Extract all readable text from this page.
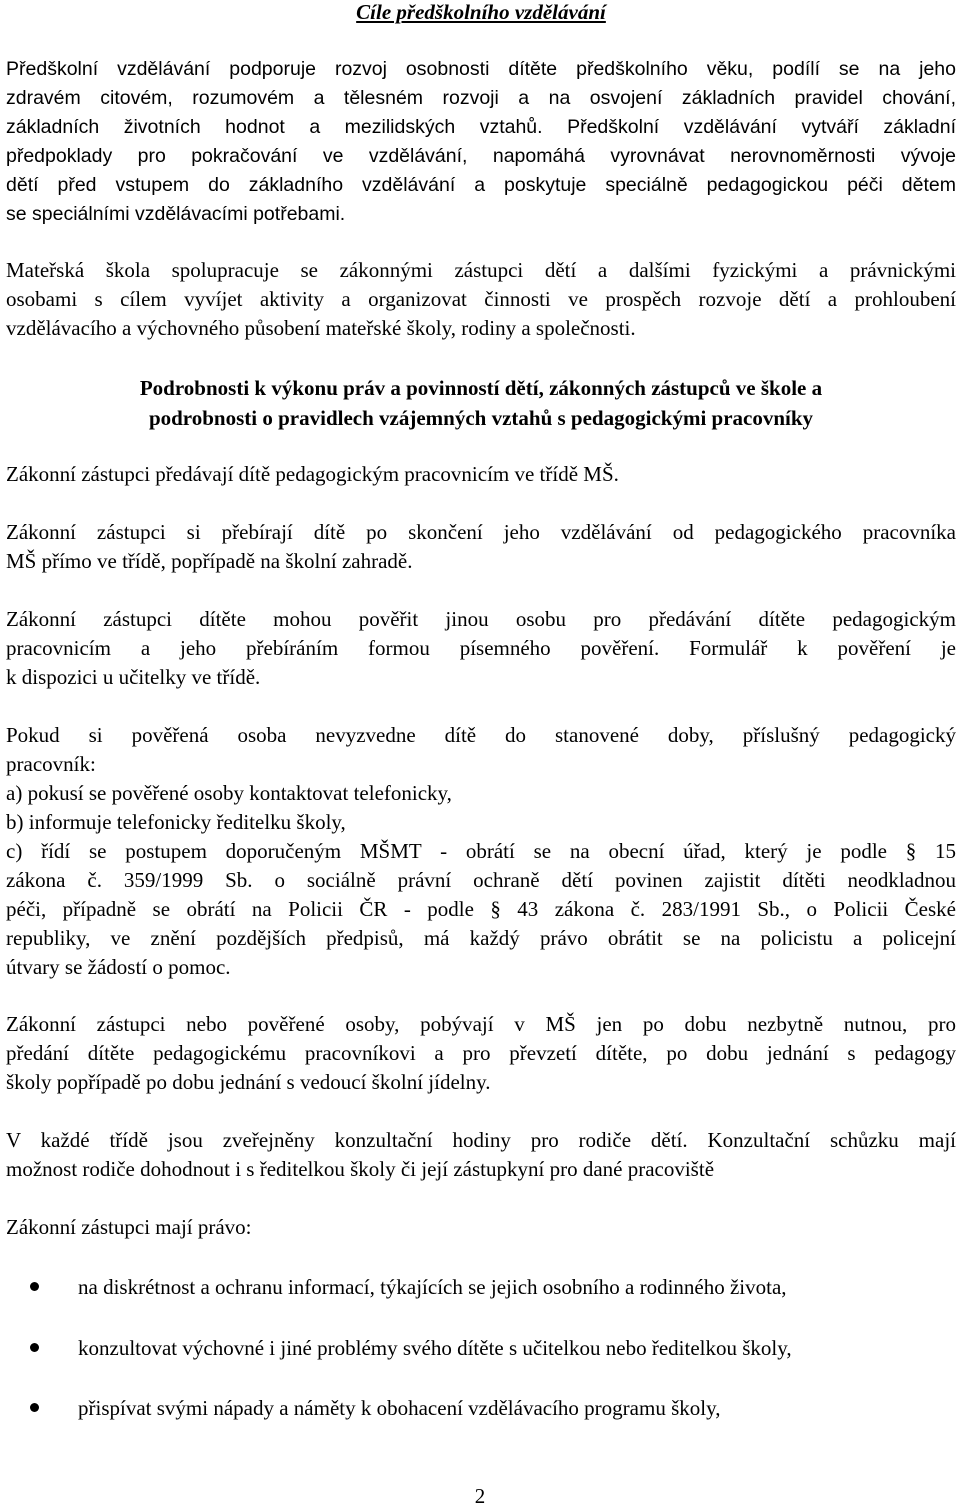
Cíle předškolního vzdělávání
Předškolní vzdělávání podporuje rozvoj osobnosti dítěte předškolního věku, podílí se na jeho
zdravém citovém, rozumovém a tělesném rozvoji a na osvojení základních pravidel chování,
základních životních hodnot a mezilidských vztahů. Předškolní vzdělávání vytváří základní
předpoklady pro pokračování ve vzdělávání, napomáhá vyrovnávat nerovnoměrnosti vývoje
dětí před vstupem do základního vzdělávání a poskytuje speciálně pedagogickou péči dětem
se speciálními vzdělávacími potřebami.
Mateřská škola spolupracuje se zákonnými zástupci dětí a dalšími fyzickými a právnickými
osobami s cílem vyvíjet aktivity a organizovat činnosti ve prospěch rozvoje dětí a prohloubení
vzdělávacího a výchovného působení mateřské školy, rodiny a společnosti.
Podrobnosti k výkonu práv a povinností dětí, zákonných zástupců ve škole a
podrobnosti o pravidlech vzájemných vztahů s pedagogickými pracovníky
Zákonní zástupci předávají dítě pedagogickým pracovnicím ve třídě MŠ.
Zákonní zástupci si přebírají dítě po skončení jeho vzdělávání od pedagogického pracovníka
MŠ přímo ve třídě, popřípadě na školní zahradě.
Zákonní zástupci dítěte mohou pověřit jinou osobu pro předávání dítěte pedagogickým
pracovnicím a jeho přebíráním formou písemného pověření. Formulář k pověření je
k dispozici u učitelky ve třídě.
Pokud si pověřená osoba nevyzvedne dítě do stanovené doby, příslušný pedagogický
pracovník:
a) pokusí se pověřené osoby kontaktovat telefonicky,
b) informuje telefonicky ředitelku školy,
c) řídí se postupem doporučeným MŠMT - obrátí se na obecní úřad, který je podle § 15
zákona č. 359/1999 Sb. o sociálně právní ochraně dětí povinen zajistit dítěti neodkladnou
péči, případně se obrátí na Policii ČR - podle § 43 zákona č. 283/1991 Sb., o Policii České
republiky, ve znění pozdějších předpisů, má každý právo obrátit se na policistu a policejní
útvary se žádostí o pomoc.
Zákonní zástupci nebo pověřené osoby, pobývají v MŠ jen po dobu nezbytně nutnou, pro
předání dítěte pedagogickému pracovníkovi a pro převzetí dítěte, po dobu jednání s pedagogy
školy popřípadě po dobu jednání s vedoucí školní jídelny.
V každé třídě jsou zveřejněny konzultační hodiny pro rodiče dětí. Konzultační schůzku mají
možnost rodiče dohodnout i s ředitelkou školy či její zástupkyní pro dané pracoviště
Zákonní zástupci mají právo:
na diskrétnost a ochranu informací, týkajících se jejich osobního a rodinného života,
konzultovat výchovné i jiné problémy svého dítěte s učitelkou nebo ředitelkou školy,
přispívat svými nápady a náměty k obohacení vzdělávacího programu školy,
2
